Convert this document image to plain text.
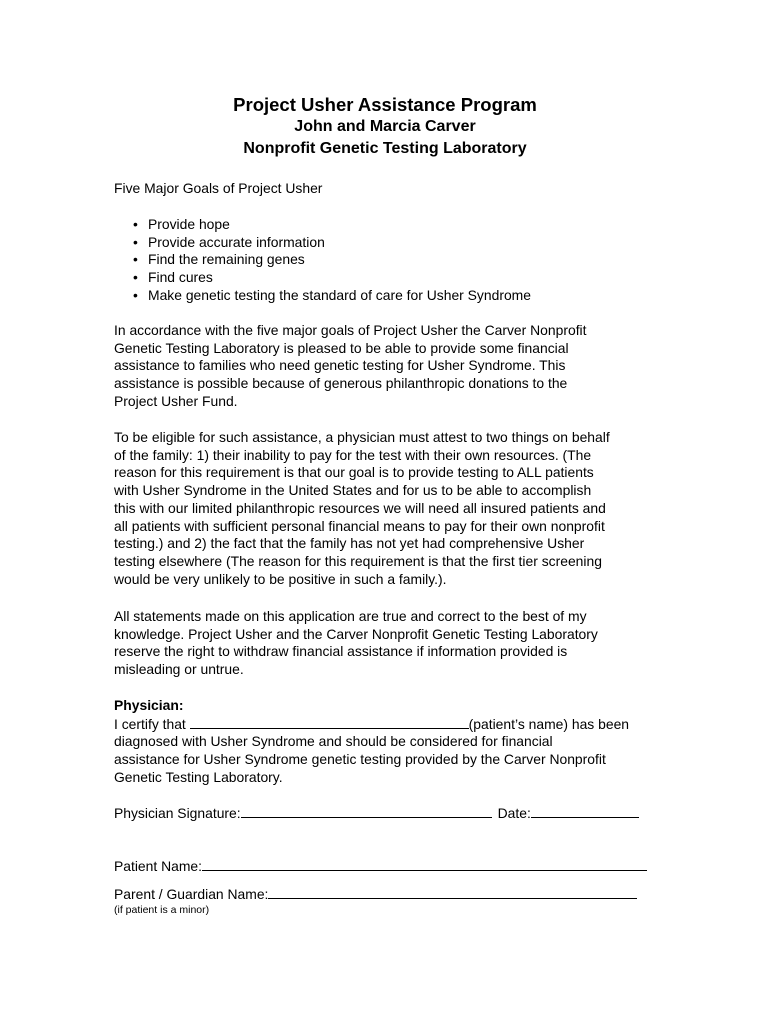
Project Usher Assistance Program
John and Marcia Carver
Nonprofit Genetic Testing Laboratory
Five Major Goals of Project Usher
• Provide hope
• Provide accurate information
• Find the remaining genes
• Find cures
• Make genetic testing the standard of care for Usher Syndrome
In accordance with the five major goals of Project Usher the Carver Nonprofit
Genetic Testing Laboratory is pleased to be able to provide some financial
assistance to families who need genetic testing for Usher Syndrome. This
assistance is possible because of generous philanthropic donations to the
Project Usher Fund.
To be eligible for such assistance, a physician must attest to two things on behalf
of the family: 1) their inability to pay for the test with their own resources. (The
reason for this requirement is that our goal is to provide testing to ALL patients
with Usher Syndrome in the United States and for us to be able to accomplish
this with our limited philanthropic resources we will need all insured patients and
all patients with sufficient personal financial means to pay for their own nonprofit
testing.) and 2) the fact that the family has not yet had comprehensive Usher
testing elsewhere (The reason for this requirement is that the first tier screening
would be very unlikely to be positive in such a family.).
All statements made on this application are true and correct to the best of my
knowledge. Project Usher and the Carver Nonprofit Genetic Testing Laboratory
reserve the right to withdraw financial assistance if information provided is
misleading or untrue.
Physician:
I certify that	(patient’s name) has been
diagnosed with Usher Syndrome and should be considered for financial
assistance for Usher Syndrome genetic testing provided by the Carver Nonprofit
Genetic Testing Laboratory.
Physician Signature:	Date:
Patient Name:
Parent / Guardian Name:
(if patient is a minor)
